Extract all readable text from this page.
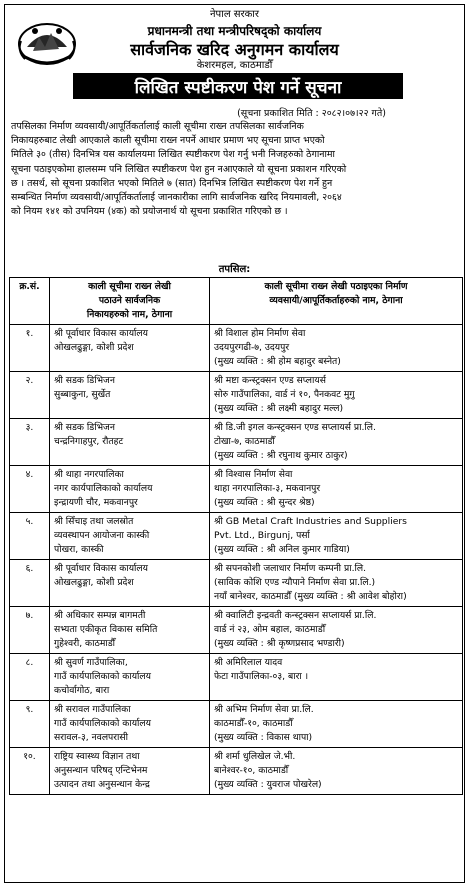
नेपाल सरकार
प्रधानमन्त्री तथा मन्त्रीपरिषद्को कार्यालय
सार्वजनिक खरिद अनुगमन कार्यालय
केशरमहल, काठमाडौँ
लिखित स्पष्टीकरण पेश गर्ने सूचना
(सूचना प्रकाशित मिति : २०८२।०७।२२ गते)
तपसिलका निर्माण व्यवसायी/आपूर्तिकर्तालाई काली सूचीमा राख्न तपसिलका सार्वजनिक
निकायहरुबाट लेखी आएकाले काली सूचीमा राख्न नपर्ने आधार प्रमाण भए सूचना प्राप्त भएको
मितिले ३० (तीस) दिनभित्र यस कार्यालयमा लिखित स्पष्टीकरण पेश गर्नु भनी निजहरुको ठेगानामा
सूचना पठाइएकोमा हालसम्म पनि लिखित स्पष्टीकरण पेश हुन नआएकाले यो सूचना प्रकाशन गरिएको
छ । तसर्थ, सो सूचना प्रकाशित भएको मितिले ७ (सात) दिनभित्र लिखित स्पष्टीकरण पेश गर्ने हुन
सम्बन्धित निर्माण व्यवसायी/आपूर्तिकर्तालाई जानकारीका लागि सार्वजनिक खरिद नियमावली, २०६४
को नियम १४१ को उपनियम (४क) को प्रयोजनार्थ यो सूचना प्रकाशित गरिएको छ ।
तपसिल:
क्र.सं.	काली सूचीमा राख्न लेखी
पठाउने सार्वजनिक
निकायहरुको नाम, ठेगाना	काली सूचीमा राख्न लेखी पठाइएका निर्माण
व्यवसायी/आपूर्तिकर्ताहरुको नाम, ठेगाना

१.	श्री पूर्वाधार विकास कार्यालय
ओखलढुङ्गा, कोशी प्रदेश	श्री विशाल होम निर्माण सेवा
उदयपुरगढी-७, उदयपुर
(मुख्य व्यक्ति : श्री होम बहादुर बस्नेत)

२.	श्री सडक डिभिजन
सुब्बाकुना, सुर्खेत	श्री मष्टा कन्स्ट्रक्सन एण्ड सप्लायर्स
सोरु गाउँपालिका, वार्ड नं १०, पैनकवट मुगु
(मुख्य व्यक्ति : श्री लक्ष्मी बहादुर मल्ल)

३.	श्री सडक डिभिजन
चन्द्रनिगाहपुर, रौतहट	श्री डि.जी इगल कन्स्ट्रक्सन एण्ड सप्लायर्स प्रा.लि.
टोखा-७, काठमाडौँ
(मुख्य व्यक्ति : श्री रघुनाथ कुमार ठाकुर)

४.	श्री थाहा नगरपालिका
नगर कार्यपालिकाको कार्यालय
इन्द्रायणी चौर, मकवानपुर	श्री विश्वास निर्माण सेवा
थाहा नगरपालिका-३, मकवानपुर
(मुख्य व्यक्ति : श्री सुन्दर श्रेष्ठ)

५.	श्री सिँचाइ तथा जलस्रोत
व्यवस्थापन आयोजना कास्की
पोखरा, कास्की	श्री GB Metal Craft Industries and Suppliers
Pvt. Ltd., Birgunj, पर्सा
(मुख्य व्यक्ति : श्री अनिल कुमार गाडिया)

६.	श्री पूर्वाधार विकास कार्यालय
ओखलढुङ्गा, कोशी प्रदेश	श्री सपनकोशी जलाधार निर्माण कम्पनी प्रा.लि.
(साविक कोशि एण्ड न्यौपाने निर्माण सेवा प्रा.लि.)
नयाँ बानेश्वर, काठमाडौँ (मुख्य व्यक्ति : श्री आवेश बोहोरा)

७.	श्री अधिकार सम्पन्न बागमती
सभ्यता एकीकृत विकास समिति
गुहेश्वरी, काठमाडौँ	श्री क्वालिटी इन्द्रवती कन्स्ट्रक्सन सप्लायर्स प्रा.लि.
वार्ड नं २३, ओम बहाल, काठमाडौँ
(मुख्य व्यक्ति : श्री कृष्णप्रसाद भण्डारी)

८.	श्री सुवर्ण गाउँपालिका,
गाउँ कार्यपालिकाको कार्यालय
कचोर्वागोठ, बारा	श्री अमिरिलाल यादव
फेटा गाउँपालिका-०३, बारा ।

९.	श्री सरावल गाउँपालिका
गाउँ कार्यपालिकाको कार्यालय
सरावल-३, नवलपरासी	श्री अभिम निर्माण सेवा प्रा.लि.
काठमाडौँ-१०, काठमाडौँ
(मुख्य व्यक्ति : विकास थापा)

१०.	राष्ट्रिय स्वास्थ्य विज्ञान तथा
अनुसन्धान परिषद् एन्टिभेनम
उत्पादन तथा अनुसन्धान केन्द्र	श्री शर्मा धुलिखेल जे.भी.
बानेश्वर-१०, काठमाडौँ
(मुख्य व्यक्ति : युवराज पोखरेल)
